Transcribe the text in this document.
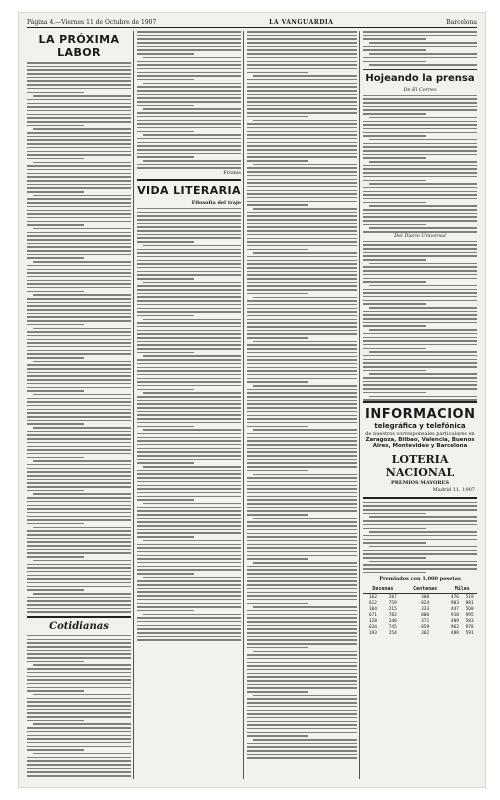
Página 4.—Viernes 11 de Octubre de 1907	LA VANGUARDIA	Barcelona
LA PRÓXIMA LABOR
Cotidianas
Fromis
VIDA LITERARIA
Filosofía del traje
Hojeando la prensa
De El Correo
Del Diario Universal
INFORMACION
telegráfica y telefónica
de nuestros corresponsales particulares en
Zaragoza, Bilbao, Valencia, Buenos Aires, Montevideo y Barcelona
LOTERIA NACIONAL
PREMIOS MAYORES
Madrid 11, 1907
Premiados con 1.000 pesetas
Decenas		Centenas	Miles	
162	287	308	476	519
612	759	824	903	981
104	215	333	447	560
671	782	806	918	995
128	246	371	409	583
634	745	859	962	978
193	254	362	488	591
